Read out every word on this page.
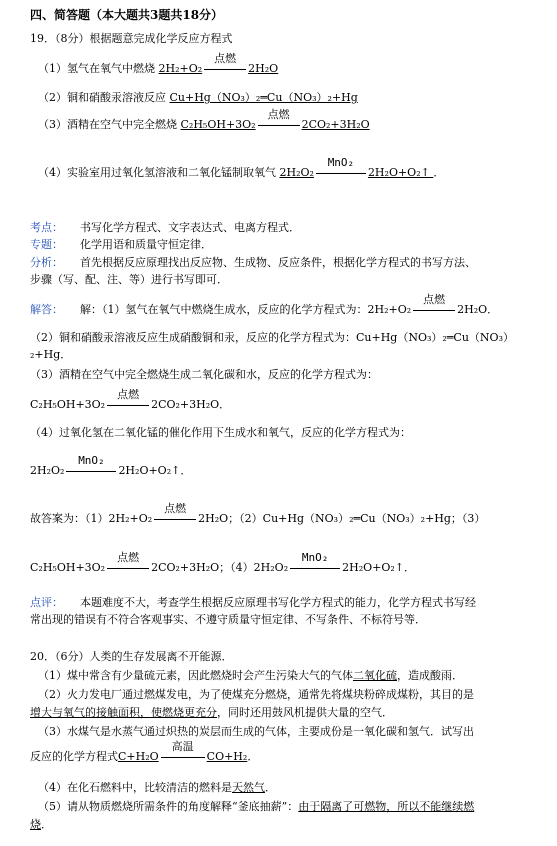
四、简答题（本大题共3题共18分）
19．（8分）根据题意完成化学反应方程式
（1）氢气在氧气中燃烧 2H₂+O₂
点燃
2H₂O
（2）铜和硝酸汞溶液反应 Cu+Hg（NO₃）₂═Cu（NO₃）₂+Hg
（3）酒精在空气中完全燃烧 C₂H₅OH+3O₂
点燃
2CO₂+3H₂O
（4）实验室用过氧化氢溶液和二氧化锰制取氧气 2H₂O₂
MnO₂
2H₂O+O₂↑ ．
考点： 书写化学方程式、文字表达式、电离方程式．
专题： 化学用语和质量守恒定律．
分析： 首先根据反应原理找出反应物、生成物、反应条件，根据化学方程式的书写方法、
步骤（写、配、注、等）进行书写即可．
解答： 解：（1）氢气在氧气中燃烧生成水，反应的化学方程式为：2H₂+O₂
点燃
2H₂O．
（2）铜和硝酸汞溶液反应生成硝酸铜和汞，反应的化学方程式为：Cu+Hg（NO₃）₂═Cu（NO₃）
₂+Hg．
（3）酒精在空气中完全燃烧生成二氧化碳和水，反应的化学方程式为：
C₂H₅OH+3O₂
点燃
2CO₂+3H₂O．
（4）过氧化氢在二氧化锰的催化作用下生成水和氧气，反应的化学方程式为：
2H₂O₂
MnO₂
2H₂O+O₂↑．
故答案为：（1）2H₂+O₂
点燃
2H₂O；（2）Cu+Hg（NO₃）₂═Cu（NO₃）₂+Hg；（3）
C₂H₅OH+3O₂
点燃
2CO₂+3H₂O；（4）2H₂O₂
MnO₂
2H₂O+O₂↑．
点评： 本题难度不大，考查学生根据反应原理书写化学方程式的能力，化学方程式书写经
常出现的错误有不符合客观事实、不遵守质量守恒定律、不写条件、不标符号等．
20．（6分）人类的生存发展离不开能源．
（1）煤中常含有少量硫元素，因此燃烧时会产生污染大气的气体二氧化硫，造成酸雨．
（2）火力发电厂通过燃煤发电，为了使煤充分燃烧，通常先将煤块粉碎成煤粉，其目的是
增大与氧气的接触面积，使燃烧更充分，同时还用鼓风机提供大量的空气．
（3）水煤气是水蒸气通过炽热的炭层而生成的气体，主要成份是一氧化碳和氢气．试写出
反应的化学方程式C+H₂O
高温
CO+H₂．
（4）在化石燃料中，比较清洁的燃料是天然气．
（5）请从物质燃烧所需条件的角度解释“釜底抽薪”：由于隔离了可燃物，所以不能继续燃
烧．
